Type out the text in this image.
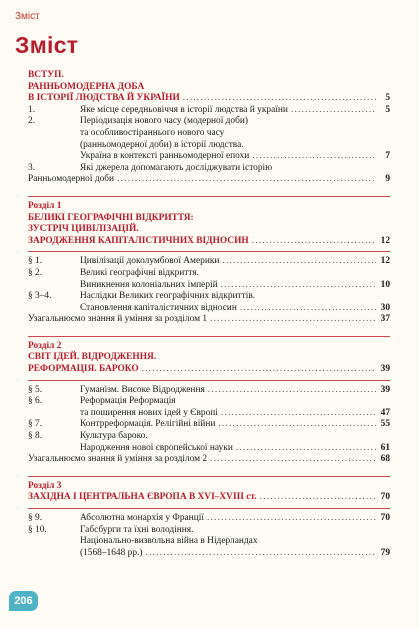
Зміст
Зміст
ВСТУП.
РАННЬОМОДЕРНА ДОБА
В ІСТОРІЇ ЛЮДСТВА Й УКРАЇНИ .....	5
1.	Яке місце середньовіччя в історії людства й україни .....	5
2.	Періодизація нового часу (модерної доби)
та особливостіраннього нового часу
(ранньомодерної доби) в історії людства.

Україна в контексті ранньомодерної епохи .....	7
3.	Які джерела допомагають досліджувати історію
Ранньомодерної доби .....	9
Розділ 1
БЕЛИКІ ГЕОГРАФІЧНІ ВІДКРИТТЯ:
ЗУСТРІЧ ЦИВІЛІЗАЦІЙ.
ЗАРОДЖЕННЯ КАПІТАЛІСТИЧНИХ ВІДНОСИН .....	12
§ 1.	Цивілізації доколумбової Америки .....	12
§ 2.	Великі географічні відкриття.
Виникнення колоніальних імперій .....	10
§ 3–4.	Наслідки Великих географічних відкриттів.
Становлення капіталістичних відносин .....	30
Узагальнюємо знання й уміння за розділом 1 .....	37
Розділ 2
СВІТ ІДЕЙ. ВІДРОДЖЕННЯ.
РЕФОРМАЦІЯ. БАРОКО .....	39
§ 5.	Гуманізм. Високе Відродження .....	39
§ 6.	Реформація Реформація
та поширення нових ідей у Європі .....	47
§ 7.	Контрреформація. Релігійні війни .....	55
§ 8.	Культура бароко.
Народження нової європейської науки .....	61
Узагальнюємо знання й уміння за розділом 2 .....	68
Розділ 3
ЗАХІДНА І ЦЕНТРАЛЬНА ЄВРОПА В XVI–XVIII ст. .....	70
§ 9.	Абсолютна монархія у Франції .....	70
§ 10.	Габсбурги та їхні володіння.
Національно-визвольна війна в Нідерландах
(1568–1648 рр.) .....	79
206
